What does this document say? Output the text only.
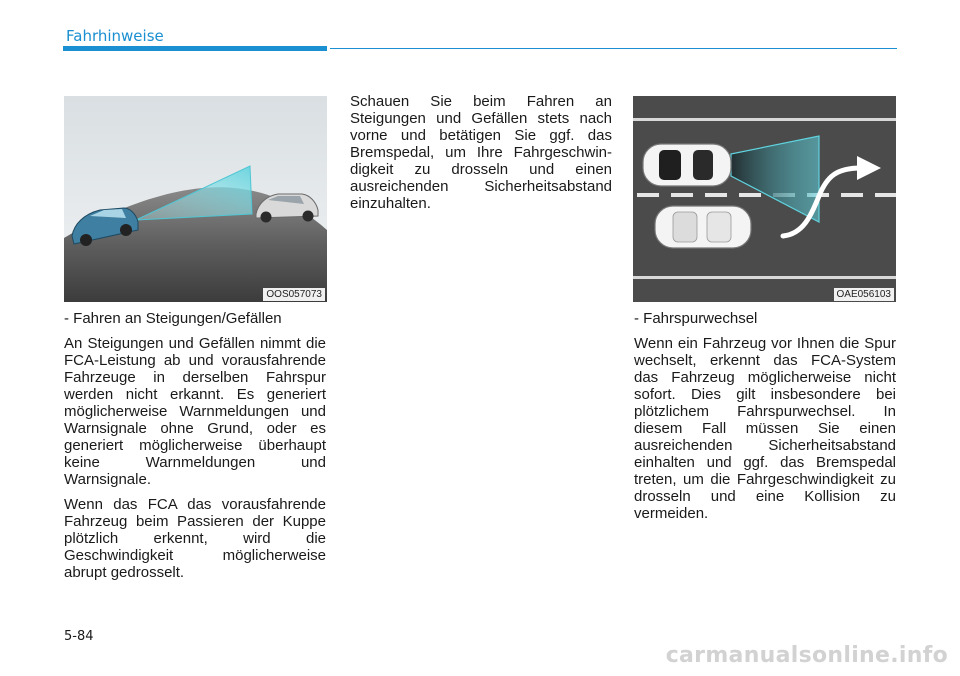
Fahrhinweise
OOS057073	OAE056103

- Fahren an Steigungen/Gefällen

An Steigungen und Gefällen nimmt die FCA-Leistung ab und vorausfahrende Fahrzeuge in derselben Fahrspur werden nicht erkannt. Es generiert möglicherweise Warnmeldungen und Warnsignale ohne Grund, oder es generiert möglicherweise überhaupt keine Warnmeldungen und Warnsignale.

Wenn das FCA das vorausfahrende Fahrzeug beim Passieren der Kuppe plötzlich erkennt, wird die Geschwindigkeit möglicherweise abrupt gedrosselt.

Schauen Sie beim Fahren an Steigungen und Gefällen stets nach vorne und betätigen Sie ggf. das Bremspedal, um Ihre Fahrgeschwindigkeit zu drosseln und einen ausreichenden Sicherheitsabstand einzuhalten.

- Fahrspurwechsel

Wenn ein Fahrzeug vor Ihnen die Spur wechselt, erkennt das FCA-System das Fahrzeug möglicherweise nicht sofort. Dies gilt insbesondere bei plötzlichem Fahrspurwechsel. In diesem Fall müssen Sie einen ausreichenden Sicherheitsabstand einhalten und ggf. das Bremspedal treten, um die Fahrgeschwindigkeit zu drosseln und eine Kollision zu vermeiden.

5-84
carmanualsonline.info
